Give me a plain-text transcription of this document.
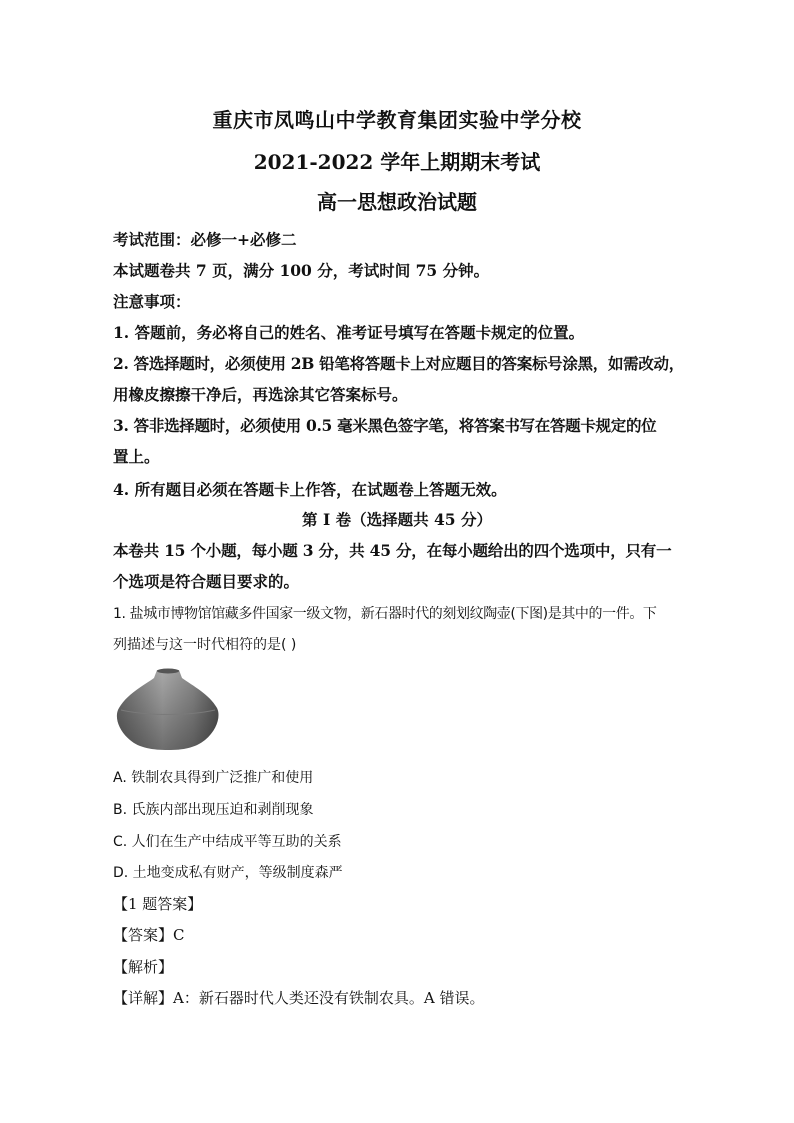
重庆市凤鸣山中学教育集团实验中学分校
2021-2022 学年上期期末考试
高一思想政治试题
考试范围：必修一+必修二
本试题卷共 7 页，满分 100 分，考试时间 75 分钟。
注意事项：
1. 答题前，务必将自己的姓名、准考证号填写在答题卡规定的位置。
2. 答选择题时，必须使用 2B 铅笔将答题卡上对应题目的答案标号涂黑，如需改动，
用橡皮擦擦干净后，再选涂其它答案标号。
3. 答非选择题时，必须使用 0.5 毫米黑色签字笔，将答案书写在答题卡规定的位
置上。
4. 所有题目必须在答题卡上作答，在试题卷上答题无效。
第 I 卷（选择题共 45 分）
本卷共 15 个小题，每小题 3 分，共 45 分，在每小题给出的四个选项中，只有一
个选项是符合题目要求的。
1. 盐城市博物馆馆藏多件国家一级文物，新石器时代的刻划纹陶壶(下图)是其中的一件。下
列描述与这一时代相符的是( )
A. 铁制农具得到广泛推广和使用
B. 氏族内部出现压迫和剥削现象
C. 人们在生产中结成平等互助的关系
D. 土地变成私有财产，等级制度森严
【1 题答案】
【答案】C
【解析】
【详解】A：新石器时代人类还没有铁制农具。A 错误。
